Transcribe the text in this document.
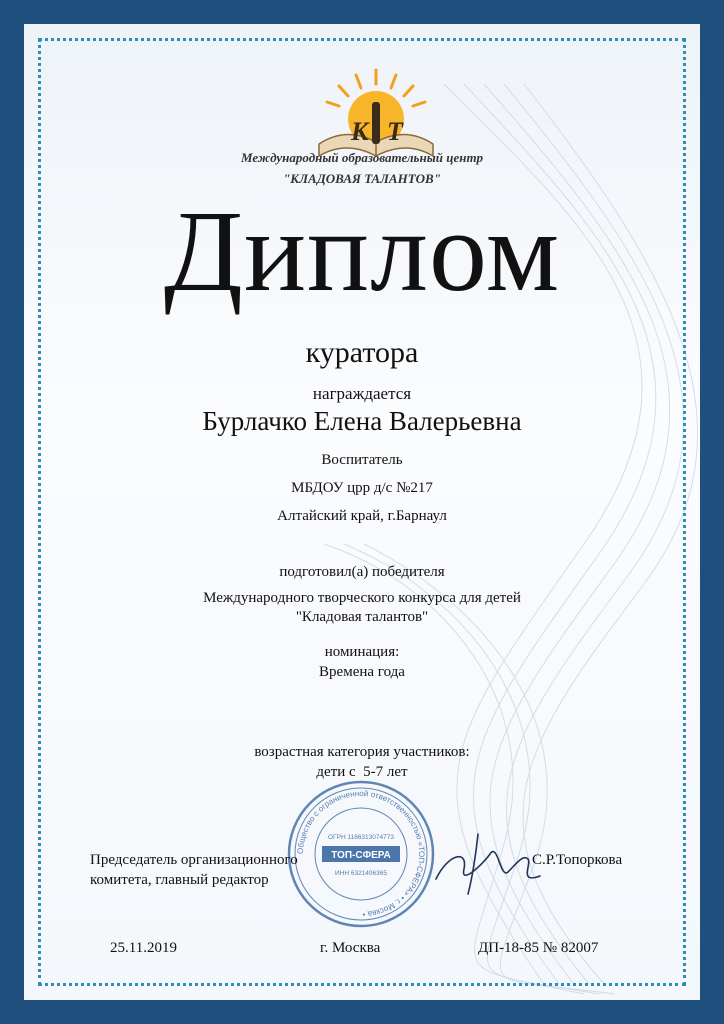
К Т
Международный образовательный центр
"КЛАДОВАЯ ТАЛАНТОВ"
Диплом
куратора
награждается
Бурлачко Елена Валерьевна
Воспитатель
МБДОУ црр д/с №217
Алтайский край, г.Барнаул
подготовил(а) победителя
Международного творческого конкурса для детей
"Кладовая талантов"
номинация:
Времена года
возрастная категория участников:
дети с  5-7 лет
Общество с ограниченной ответственностью «ТОП-СФЕРА» • г. Москва •
ОГРН 1166313074773
ТОП-СФЕРА
ИНН 6321406365
Председатель организационного
комитета, главный редактор
С.Р.Топоркова
25.11.2019	г. Москва	ДП-18-85 № 82007
